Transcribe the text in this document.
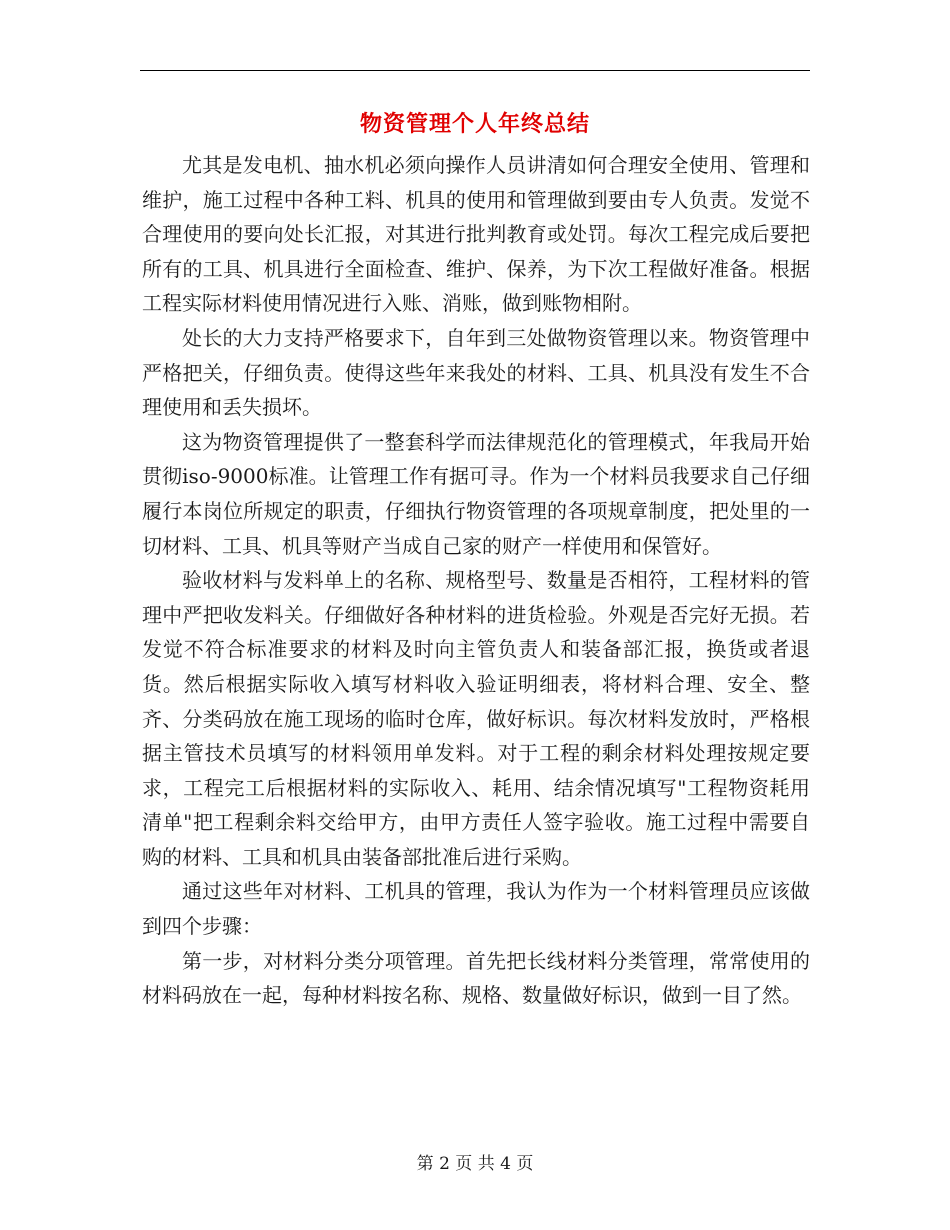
物资管理个人年终总结

尤其是发电机、抽水机必须向操作人员讲清如何合理安全使用、管理和维护，施工过程中各种工料、机具的使用和管理做到要由专人负责。发觉不合理使用的要向处长汇报，对其进行批判教育或处罚。每次工程完成后要把所有的工具、机具进行全面检查、维护、保养，为下次工程做好准备。根据工程实际材料使用情况进行入账、消账，做到账物相附。

处长的大力支持严格要求下，自年到三处做物资管理以来。物资管理中严格把关，仔细负责。使得这些年来我处的材料、工具、机具没有发生不合理使用和丢失损坏。

这为物资管理提供了一整套科学而法律规范化的管理模式，年我局开始贯彻iso-9000标准。让管理工作有据可寻。作为一个材料员我要求自己仔细履行本岗位所规定的职责，仔细执行物资管理的各项规章制度，把处里的一切材料、工具、机具等财产当成自己家的财产一样使用和保管好。

验收材料与发料单上的名称、规格型号、数量是否相符，工程材料的管理中严把收发料关。仔细做好各种材料的进货检验。外观是否完好无损。若发觉不符合标准要求的材料及时向主管负责人和装备部汇报，换货或者退货。然后根据实际收入填写材料收入验证明细表，将材料合理、安全、整齐、分类码放在施工现场的临时仓库，做好标识。每次材料发放时，严格根据主管技术员填写的材料领用单发料。对于工程的剩余材料处理按规定要求，工程完工后根据材料的实际收入、耗用、结余情况填写"工程物资耗用清单"把工程剩余料交给甲方，由甲方责任人签字验收。施工过程中需要自购的材料、工具和机具由装备部批准后进行采购。

通过这些年对材料、工机具的管理，我认为作为一个材料管理员应该做到四个步骤：

第一步，对材料分类分项管理。首先把长线材料分类管理，常常使用的材料码放在一起，每种材料按名称、规格、数量做好标识，做到一目了然。

第 2 页 共 4 页
